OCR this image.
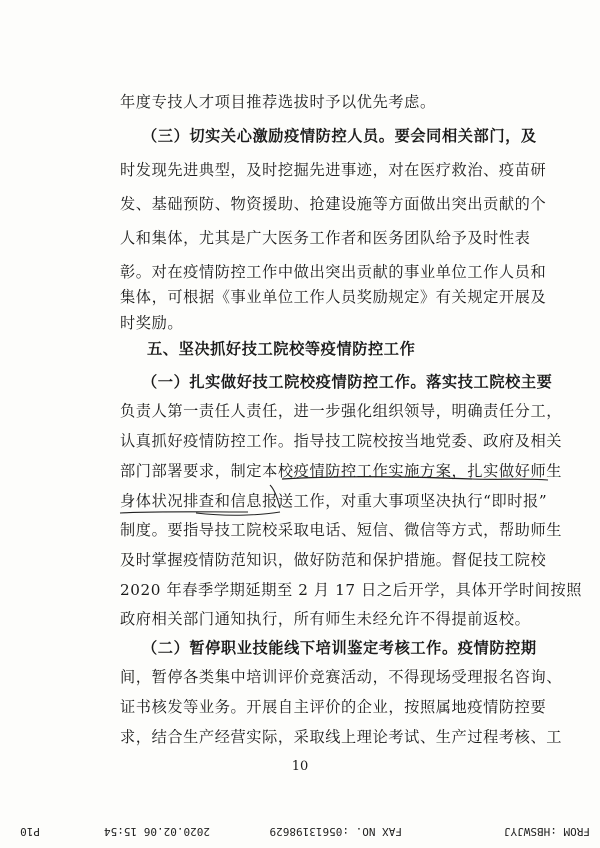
年度专技人才项目推荐选拔时予以优先考虑。
（三）切实关心激励疫情防控人员。要会同相关部门，及
时发现先进典型，及时挖掘先进事迹，对在医疗救治、疫苗研
发、基础预防、物资援助、抢建设施等方面做出突出贡献的个
人和集体，尤其是广大医务工作者和医务团队给予及时性表
彰。对在疫情防控工作中做出突出贡献的事业单位工作人员和
集体，可根据《事业单位工作人员奖励规定》有关规定开展及
时奖励。
五、坚决抓好技工院校等疫情防控工作
（一）扎实做好技工院校疫情防控工作。落实技工院校主要
负责人第一责任人责任，进一步强化组织领导，明确责任分工，
认真抓好疫情防控工作。指导技工院校按当地党委、政府及相关
部门部署要求，制定本校疫情防控工作实施方案，扎实做好师生
身体状况排查和信息报送工作，对重大事项坚决执行“即时报”
制度。要指导技工院校采取电话、短信、微信等方式，帮助师生
及时掌握疫情防范知识，做好防范和保护措施。督促技工院校
2020 年春季学期延期至 2 月 17 日之后开学，具体开学时间按照
政府相关部门通知执行，所有师生未经允许不得提前返校。
（二）暂停职业技能线下培训鉴定考核工作。疫情防控期
间，暂停各类集中培训评价竞赛活动，不得现场受理报名咨询、
证书核发等业务。开展自主评价的企业，按照属地疫情防控要
求，结合生产经营实际，采取线上理论考试、生产过程考核、工
10
FROM :HBSWJYJ
FAX NO. :05613198629
2020.02.06 15:54
P10
